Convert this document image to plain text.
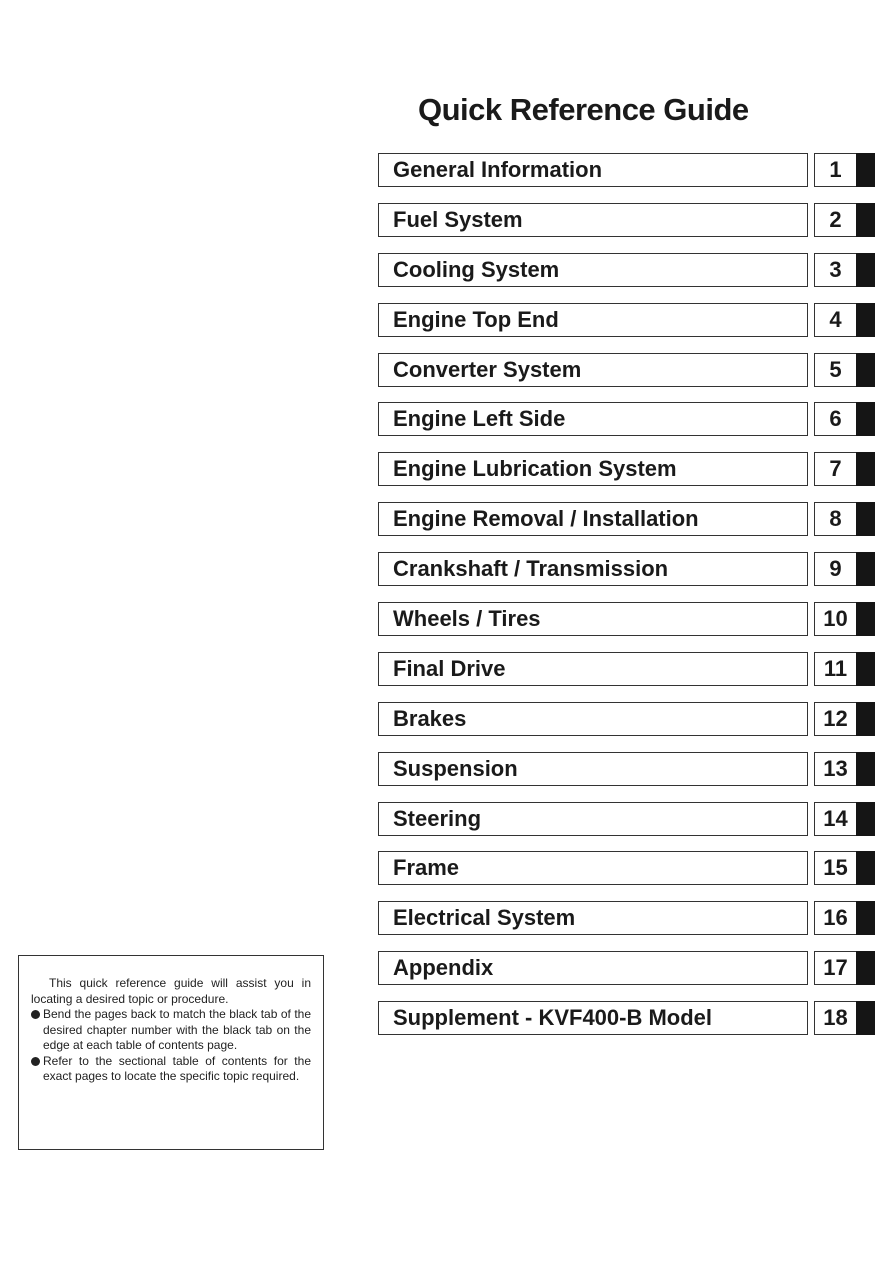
Quick Reference Guide
General Information	1
Fuel System	2
Cooling System	3
Engine Top End	4
Converter System	5
Engine Left Side	6
Engine Lubrication System	7
Engine Removal / Installation	8
Crankshaft / Transmission	9
Wheels / Tires	10
Final Drive	11
Brakes	12
Suspension	13
Steering	14
Frame	15
Electrical System	16
Appendix	17
Supplement - KVF400-B Model	18

This quick reference guide will assist you in locating a desired topic or procedure.

Bend the pages back to match the black tab of the desired chapter number with the black tab on the edge at each table of contents page.

Refer to the sectional table of contents for the exact pages to locate the specific topic required.
